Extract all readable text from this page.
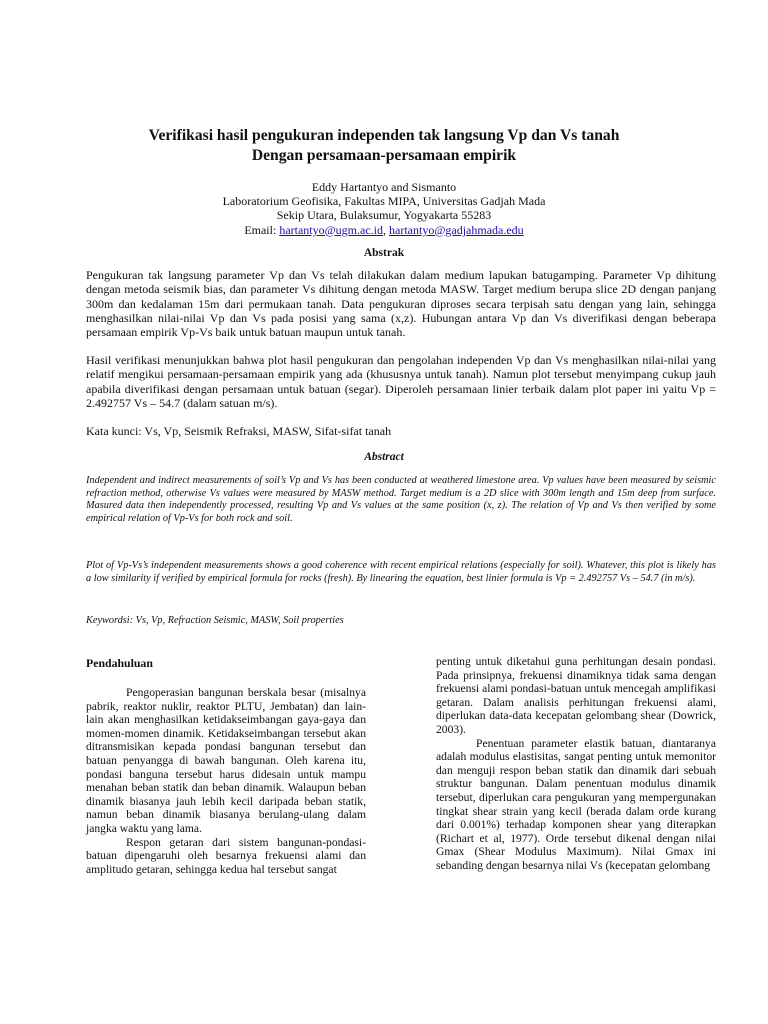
Verifikasi hasil pengukuran independen tak langsung Vp dan Vs tanah
Dengan persamaan-persamaan empirik
Eddy Hartantyo and Sismanto
Laboratorium Geofisika, Fakultas MIPA, Universitas Gadjah Mada
Sekip Utara, Bulaksumur, Yogyakarta 55283
Email: hartantyo@ugm.ac.id, hartantyo@gadjahmada.edu
Abstrak

Pengukuran tak langsung parameter Vp dan Vs telah dilakukan dalam medium lapukan batugamping. Parameter Vp dihitung dengan metoda seismik bias, dan parameter Vs dihitung dengan metoda MASW. Target medium berupa slice 2D dengan panjang 300m dan kedalaman 15m dari permukaan tanah. Data pengukuran diproses secara terpisah satu dengan yang lain, sehingga menghasilkan nilai-nilai Vp dan Vs pada posisi yang sama (x,z). Hubungan antara Vp dan Vs diverifikasi dengan beberapa persamaan empirik Vp-Vs baik untuk batuan maupun untuk tanah.

Hasil verifikasi menunjukkan bahwa plot hasil pengukuran dan pengolahan independen Vp dan Vs menghasilkan nilai-nilai yang relatif mengikui persamaan-persamaan empirik yang ada (khususnya untuk tanah). Namun plot tersebut menyimpang cukup jauh apabila diverifikasi dengan persamaan untuk batuan (segar). Diperoleh persamaan linier terbaik dalam plot paper ini yaitu Vp = 2.492757 Vs – 54.7 (dalam satuan m/s).

Kata kunci: Vs, Vp, Seismik Refraksi, MASW, Sifat-sifat tanah

Abstract

Independent and indirect measurements of soil’s Vp and Vs has been conducted at weathered limestone area. Vp values have been measured by seismic refraction method, otherwise Vs values were measured by MASW method. Target medium is a 2D slice with 300m length and 15m deep from surface. Masured data then independently processed, resulting Vp and Vs values at the same position (x, z). The relation of Vp and Vs then verified by some empirical relation of Vp-Vs for both rock and soil.

Plot of Vp-Vs’s independent measurements shows a good coherence with recent empirical relations (especially for soil). Whatever, this plot is likely has a low similarity if verified by empirical formula for rocks (fresh). By linearing the equation, best linier formula is Vp = 2.492757 Vs – 54.7 (in m/s).

Keywordsi: Vs, Vp, Refraction Seismic, MASW, Soil properties

Pendahuluan

Pengoperasian bangunan berskala besar (misalnya pabrik, reaktor nuklir, reaktor PLTU, Jembatan) dan lain-lain akan menghasilkan ketidakseimbangan gaya-gaya dan momen-momen dinamik. Ketidakseimbangan tersebut akan ditransmisikan kepada pondasi bangunan tersebut dan batuan penyangga di bawah bangunan. Oleh karena itu, pondasi banguna tersebut harus didesain untuk mampu menahan beban statik dan beban dinamik. Walaupun beban dinamik biasanya jauh lebih kecil daripada beban statik, namun beban dinamik biasanya berulang-ulang dalam jangka waktu yang lama.

Respon getaran dari sistem bangunan-pondasi-batuan dipengaruhi oleh besarnya frekuensi alami dan amplitudo getaran, sehingga kedua hal tersebut sangat

penting untuk diketahui guna perhitungan desain pondasi. Pada prinsipnya, frekuensi dinamiknya tidak sama dengan frekuensi alami pondasi-batuan untuk mencegah amplifikasi getaran. Dalam analisis perhitungan frekuensi alami, diperlukan data-data kecepatan gelombang shear (Dowrick, 2003).

Penentuan parameter elastik batuan, diantaranya adalah modulus elastisitas, sangat penting untuk memonitor dan menguji respon beban statik dan dinamik dari sebuah struktur bangunan. Dalam penentuan modulus dinamik tersebut, diperlukan cara pengukuran yang mempergunakan tingkat shear strain yang kecil (berada dalam orde kurang dari 0.001%) terhadap komponen shear yang diterapkan (Richart et al, 1977). Orde tersebut dikenal dengan nilai Gmax (Shear Modulus Maximum). Nilai Gmax ini sebanding dengan besarnya nilai Vs (kecepatan gelombang
